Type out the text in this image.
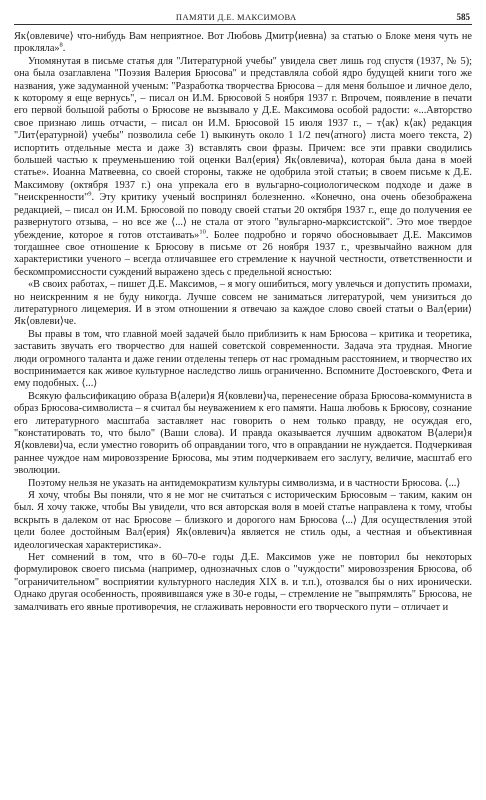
ПАМЯТИ Д.Е. МАКСИМОВА	585

Як⟨овлевиче⟩ что-нибудь Вам неприятное. Вот Любовь Дмитр⟨иевна⟩ за статью о Блоке меня чуть не прокляла»$^8$.

Упомянутая в письме статья для "Литературной учебы" увидела свет лишь год спустя (1937, № 5); она была озаглавлена "Поэзия Валерия Брюсова" и представляла собой ядро будущей книги того же названия, уже задуманной ученым: "Разработка творчества Брюсова – для меня большое и личное дело, к которому я еще вернусь", – писал он И.М. Брюсовой 5 ноября 1937 г. Впрочем, появление в печати его первой большой работы о Брюсове не вызывало у Д.Е. Максимова особой радости: «...Авторство свое признаю лишь отчасти, – писал он И.М. Брюсовой 15 июля 1937 г., – т⟨ак⟩ к⟨ак⟩ редакция "Лит⟨ературной⟩ учебы" позволила себе 1) выкинуть около 1 1/2 печ⟨атного⟩ листа моего текста, 2) испортить отдельные места и даже 3) вставлять свои фразы. Причем: все эти правки сводились большей частью к преуменьшению той оценки Вал⟨ерия⟩ Як⟨овлевича⟩, которая была дана в моей статье». Иоанна Матвеевна, со своей стороны, также не одобрила этой статьи; в своем письме к Д.Е. Максимову (октября 1937 г.) она упрекала его в вульгарно-социологическом подходе и даже в "неискренности"$^9$. Эту критику ученый воспринял болезненно. «Конечно, она очень обезображена редакцией, – писал он И.М. Брюсовой по поводу своей статьи 20 октября 1937 г., еще до получения ее развернутого отзыва, – но все же ⟨...⟩ не стала от этого "вульгарно-марксистской". Это мое твердое убеждение, которое я готов отстаивать»$^{10}$. Более подробно и горячо обосновывает Д.Е. Максимов тогдашнее свое отношение к Брюсову в письме от 26 ноября 1937 г., чрезвычайно важном для характеристики ученого – всегда отличавшее его стремление к научной честности, ответственности и бескомпромиссности суждений выражено здесь с предельной ясностью:

«В своих работах, – пишет Д.Е. Максимов, – я могу ошибиться, могу увлечься и допустить промахи, но неискренним я не буду никогда. Лучше совсем не заниматься литературой, чем унизиться до литературного лицемерия. И в этом отношении я отвечаю за каждое слово своей статьи о Вал⟨ерии⟩ Як⟨овлеви⟩че.

Вы правы в том, что главной моей задачей было приблизить к нам Брюсова – критика и теоретика, заставить звучать его творчество для нашей советской современности. Задача эта трудная. Многие люди огромного таланта и даже гении отделены теперь от нас громадным расстоянием, и творчество их воспринимается как живое культурное наследство лишь ограниченно. Вспомните Достоевского, Фета и ему подобных. ⟨...⟩

Всякую фальсификацию образа В⟨алери⟩я Я⟨ковлеви⟩ча, перенесение образа Брюсова-коммуниста в образ Брюсова-символиста – я считал бы неуважением к его памяти. Наша любовь к Брюсову, сознание его литературного масштаба заставляет нас говорить о нем только правду, не осуждая его, "констатировать то, что было" (Ваши слова). И правда оказывается лучшим адвокатом В⟨алери⟩я Я⟨ковлеви⟩ча, если уместно говорить об оправдании того, что в оправдании не нуждается. Подчеркивая раннее чуждое нам мировоззрение Брюсова, мы этим подчеркиваем его заслугу, величие, масштаб его эволюции.

Поэтому нельзя не указать на антидемократизм культуры символизма, и в частности Брюсова. ⟨...⟩

Я хочу, чтобы Вы поняли, что я не мог не считаться с историческим Брюсовым – таким, каким он был. Я хочу также, чтобы Вы увидели, что вся авторская воля в моей статье направлена к тому, чтобы вскрыть в далеком от нас Брюсове – близкого и дорогого нам Брюсова ⟨...⟩ Для осуществления этой цели более достойным Вал⟨ерия⟩ Як⟨овлевич⟩а является не стиль оды, а честная и объективная идеологическая характеристика».

Нет сомнений в том, что в 60–70-е годы Д.Е. Максимов уже не повторил бы некоторых формулировок своего письма (например, однозначных слов о "чуждости" мировоззрения Брюсова, об "ограничительном" восприятии культурного наследия XIX в. и т.п.), отозвался бы о них иронически. Однако другая особенность, проявившаяся уже в 30-е годы, – стремление не "выпрямлять" Брюсова, не замалчивать его явные противоречия, не сглаживать неровности его творческого пути – отличает и
